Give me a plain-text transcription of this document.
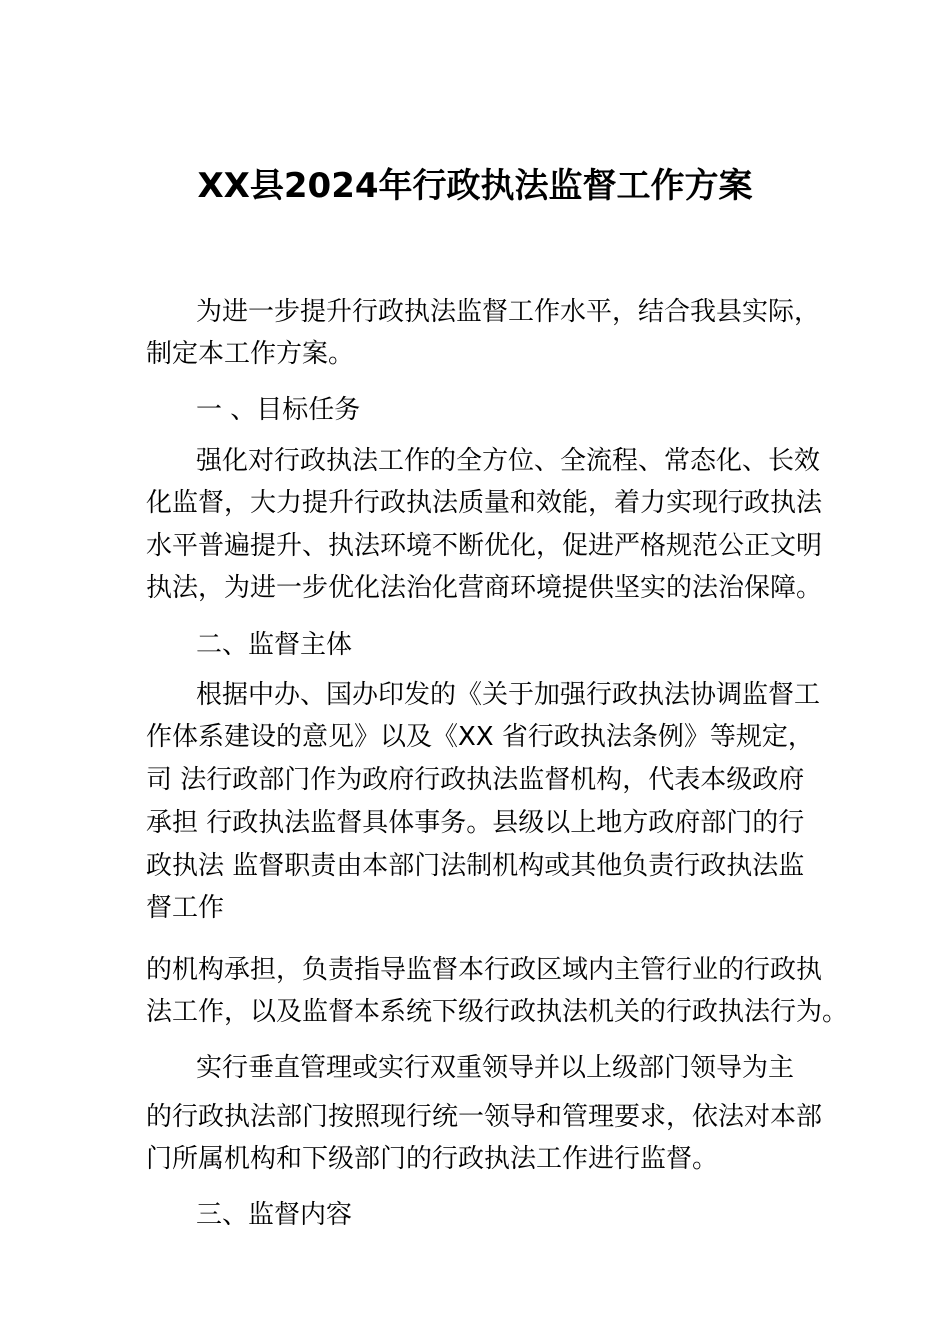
XX县2024年行政执法监督工作方案

为进一步提升行政执法监督工作水平，结合我县实际，

制定本工作方案。

一 、目标任务

强化对行政执法工作的全方位、全流程、常态化、长效

化监督，大力提升行政执法质量和效能，着力实现行政执法

水平普遍提升、执法环境不断优化，促进严格规范公正文明

执法，为进一步优化法治化营商环境提供坚实的法治保障。

二、监督主体

根据中办、国办印发的《关于加强行政执法协调监督工

作体系建设的意见》以及《XX 省行政执法条例》等规定，

司 法行政部门作为政府行政执法监督机构，代表本级政府

承担 行政执法监督具体事务。县级以上地方政府部门的行

政执法 监督职责由本部门法制机构或其他负责行政执法监

督工作

的机构承担，负责指导监督本行政区域内主管行业的行政执

法工作，以及监督本系统下级行政执法机关的行政执法行为。

实行垂直管理或实行双重领导并以上级部门领导为主

的行政执法部门按照现行统一领导和管理要求，依法对本部

门所属机构和下级部门的行政执法工作进行监督。

三、监督内容
